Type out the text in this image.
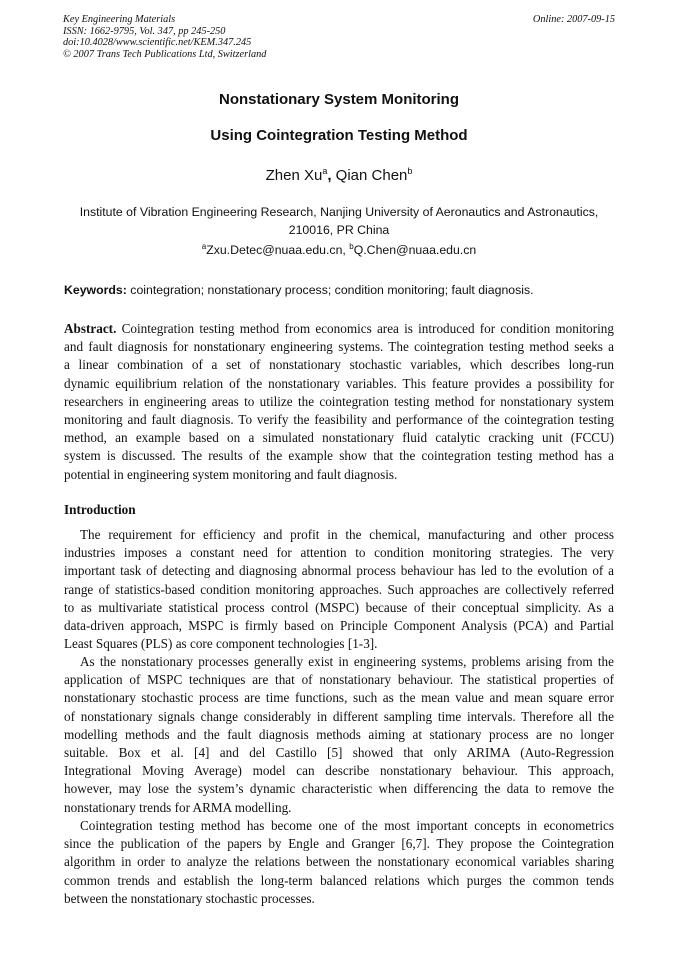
Key Engineering Materials
ISSN: 1662-9795, Vol. 347, pp 245-250
doi:10.4028/www.scientific.net/KEM.347.245
© 2007 Trans Tech Publications Ltd, Switzerland
Online: 2007-09-15
Nonstationary System Monitoring
Using Cointegration Testing Method
Zhen Xu$^a$, Qian Chen$^b$
Institute of Vibration Engineering Research, Nanjing University of Aeronautics and Astronautics,
210016, PR China
$^a$Zxu.Detec@nuaa.edu.cn, $^b$Q.Chen@nuaa.edu.cn
Keywords: cointegration; nonstationary process; condition monitoring; fault diagnosis.
Abstract. Cointegration testing method from economics area is introduced for condition monitoring
and fault diagnosis for nonstationary engineering systems. The cointegration testing method seeks a
a linear combination of a set of nonstationary stochastic variables, which describes long-run
dynamic equilibrium relation of the nonstationary variables. This feature provides a possibility for
researchers in engineering areas to utilize the cointegration testing method for nonstationary system
monitoring and fault diagnosis. To verify the feasibility and performance of the cointegration testing
method, an example based on a simulated nonstationary fluid catalytic cracking unit (FCCU)
system is discussed. The results of the example show that the cointegration testing method has a
potential in engineering system monitoring and fault diagnosis.
Introduction
The requirement for efficiency and profit in the chemical, manufacturing and other process
industries imposes a constant need for attention to condition monitoring strategies. The very
important task of detecting and diagnosing abnormal process behaviour has led to the evolution of a
range of statistics-based condition monitoring approaches. Such approaches are collectively referred
to as multivariate statistical process control (MSPC) because of their conceptual simplicity. As a
data-driven approach, MSPC is firmly based on Principle Component Analysis (PCA) and Partial
Least Squares (PLS) as core component technologies [1-3].
As the nonstationary processes generally exist in engineering systems, problems arising from the
application of MSPC techniques are that of nonstationary behaviour. The statistical properties of
nonstationary stochastic process are time functions, such as the mean value and mean square error
of nonstationary signals change considerably in different sampling time intervals. Therefore all the
modelling methods and the fault diagnosis methods aiming at stationary process are no longer
suitable. Box et al. [4] and del Castillo [5] showed that only ARIMA (Auto-Regression
Integrational Moving Average) model can describe nonstationary behaviour. This approach,
however, may lose the system’s dynamic characteristic when differencing the data to remove the
nonstationary trends for ARMA modelling.
Cointegration testing method has become one of the most important concepts in econometrics
since the publication of the papers by Engle and Granger [6,7]. They propose the Cointegration
algorithm in order to analyze the relations between the nonstationary economical variables sharing
common trends and establish the long-term balanced relations which purges the common tends
between the nonstationary stochastic processes.
